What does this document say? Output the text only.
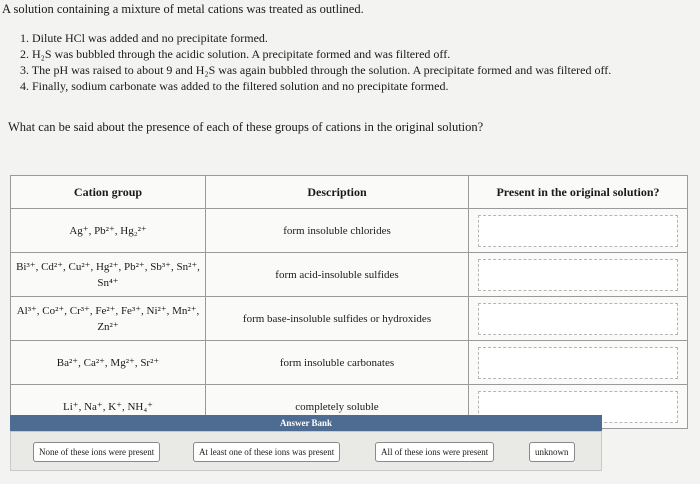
A solution containing a mixture of metal cations was treated as outlined.
1. Dilute HCl was added and no precipitate formed.
2. H₂S was bubbled through the acidic solution. A precipitate formed and was filtered off.
3. The pH was raised to about 9 and H₂S was again bubbled through the solution. A precipitate formed and was filtered off.
4. Finally, sodium carbonate was added to the filtered solution and no precipitate formed.
What can be said about the presence of each of these groups of cations in the original solution?
Cation group	Description	Present in the original solution?

Ag⁺, Pb²⁺, Hg₂²⁺	form insoluble chlorides	

Bi³⁺, Cd²⁺, Cu²⁺, Hg²⁺, Pb²⁺, Sb³⁺, Sn²⁺, Sn⁴⁺	form acid-insoluble sulfides	

Al³⁺, Co²⁺, Cr³⁺, Fe²⁺, Fe³⁺, Ni²⁺, Mn²⁺, Zn²⁺	form base-insoluble sulfides or hydroxides	

Ba²⁺, Ca²⁺, Mg²⁺, Sr²⁺	form insoluble carbonates	

Li⁺, Na⁺, K⁺, NH₄⁺	completely soluble	
Answer Bank
None of these ions were present	At least one of these ions was present	All of these ions were present	unknown
